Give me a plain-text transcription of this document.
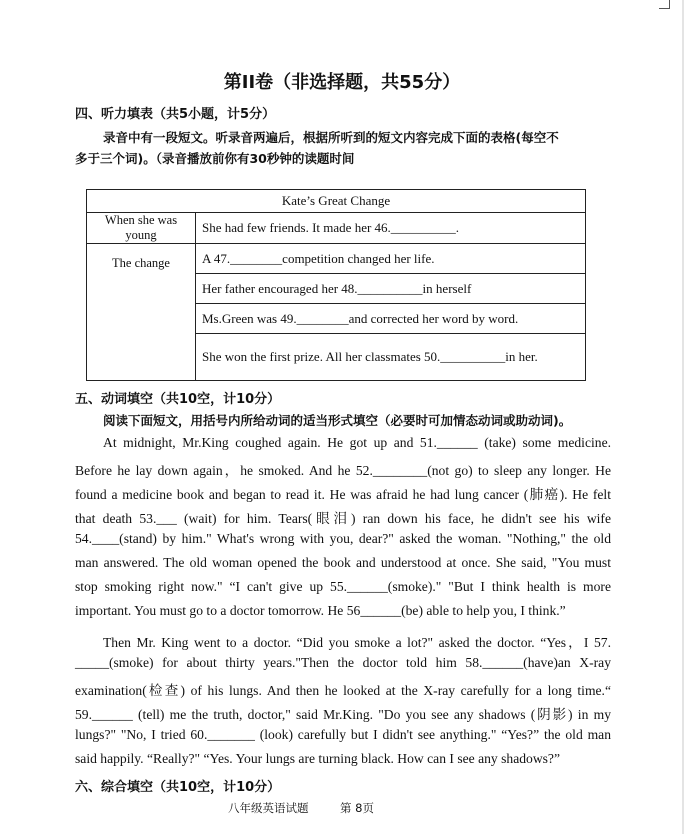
第II卷（非选择题，共55分）
四、听力填表（共5小题，计5分）
录音中有一段短文。听录音两遍后，根据所听到的短文内容完成下面的表格(每空不
多于三个词)。（录音播放前你有30秒钟的读题时间
Kate’s Great Change	
When she was young	She had few friends. It made her 46.__________.
The change	A 47.________competition changed her life.
	Her father encouraged her 48.__________in herself
	Ms.Green was 49.________and corrected her word by word.
	She won the first prize. All her classmates 50.__________in her.
五、动词填空（共10空，计10分）
阅读下面短文，用括号内所给动词的适当形式填空（必要时可加情态动词或助动词)。
At midnight, Mr.King coughed again. He got up and 51.______ (take) some medicine.
Before he lay down again，he smoked. And he 52.________(not go) to sleep any longer. He
found a medicine book and began to read it. He was afraid he had lung cancer (肺癌). He felt
that death 53.___ (wait) for him. Tears(眼泪) ran down his face, he didn't see his wife
54.____(stand) by him." What's wrong with you, dear?" asked the woman. "Nothing," the old
man answered. The old woman opened the book and understood at once. She said, "You must
stop smoking right now." “I can't give up 55.______(smoke)." "But I think health is more
important. You must go to a doctor tomorrow. He 56______(be) able to help you, I think.”
Then Mr. King went to a doctor. “Did you smoke a lot?" asked the doctor. “Yes，I 57.
_____(smoke) for about thirty years."Then the doctor told him 58.______(have)an X-ray
examination(检查) of his lungs. And then he looked at the X-ray carefully for a long time.“
59.______ (tell) me the truth, doctor," said Mr.King. "Do you see any shadows (阴影) in my
lungs?" "No, I tried 60._______ (look) carefully but I didn't see anything." “Yes?” the old man
said happily. “Really?" “Yes. Your lungs are turning black. How can I see any shadows?”
六、综合填空（共10空，计10分）
八年级英语试题	第 8页
